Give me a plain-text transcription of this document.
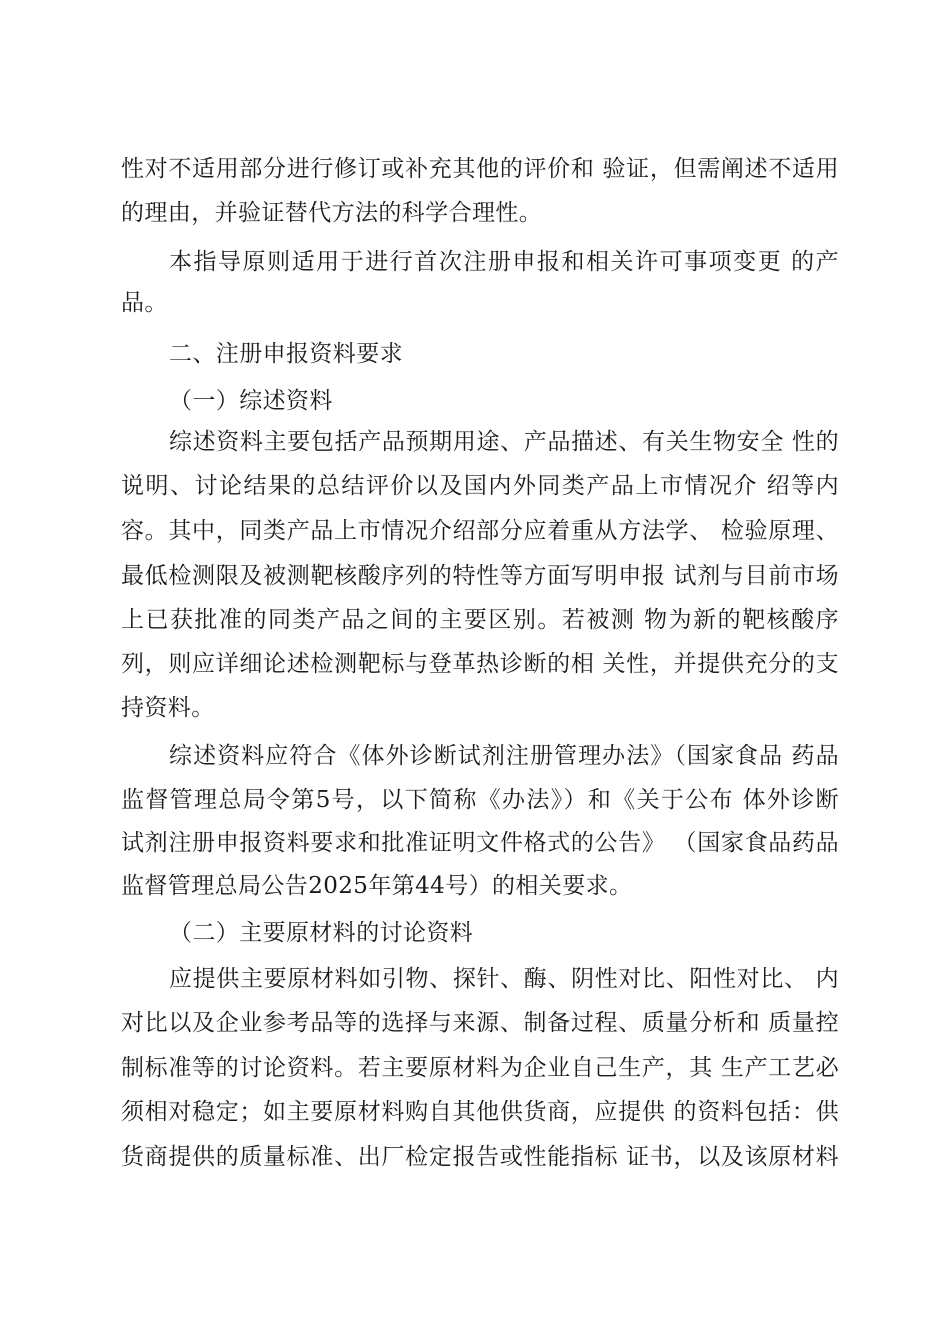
性对不适用部分进行修订或补充其他的评价和 验证，但需阐述不适用
的理由，并验证替代方法的科学合理性。
本指导原则适用于进行首次注册申报和相关许可事项变更 的产
品。
二、注册申报资料要求
（一）综述资料
综述资料主要包括产品预期用途、产品描述、有关生物安全 性的
说明、讨论结果的总结评价以及国内外同类产品上市情况介 绍等内
容。其中，同类产品上市情况介绍部分应着重从方法学、 检验原理、
最低检测限及被测靶核酸序列的特性等方面写明申报 试剂与目前市场
上已获批准的同类产品之间的主要区别。若被测 物为新的靶核酸序
列，则应详细论述检测靶标与登革热诊断的相 关性，并提供充分的支
持资料。
综述资料应符合《体外诊断试剂注册管理办法》（国家食品 药品
监督管理总局令第5号，以下简称《办法》）和《关于公布 体外诊断
试剂注册申报资料要求和批准证明文件格式的公告》 （国家食品药品
监督管理总局公告2025年第44号）的相关要求。
（二）主要原材料的讨论资料
应提供主要原材料如引物、探针、酶、阴性对比、阳性对比、 内
对比以及企业参考品等的选择与来源、制备过程、质量分析和 质量控
制标准等的讨论资料。若主要原材料为企业自己生产，其 生产工艺必
须相对稳定；如主要原材料购自其他供货商，应提供 的资料包括：供
货商提供的质量标准、出厂检定报告或性能指标 证书，以及该原材料
